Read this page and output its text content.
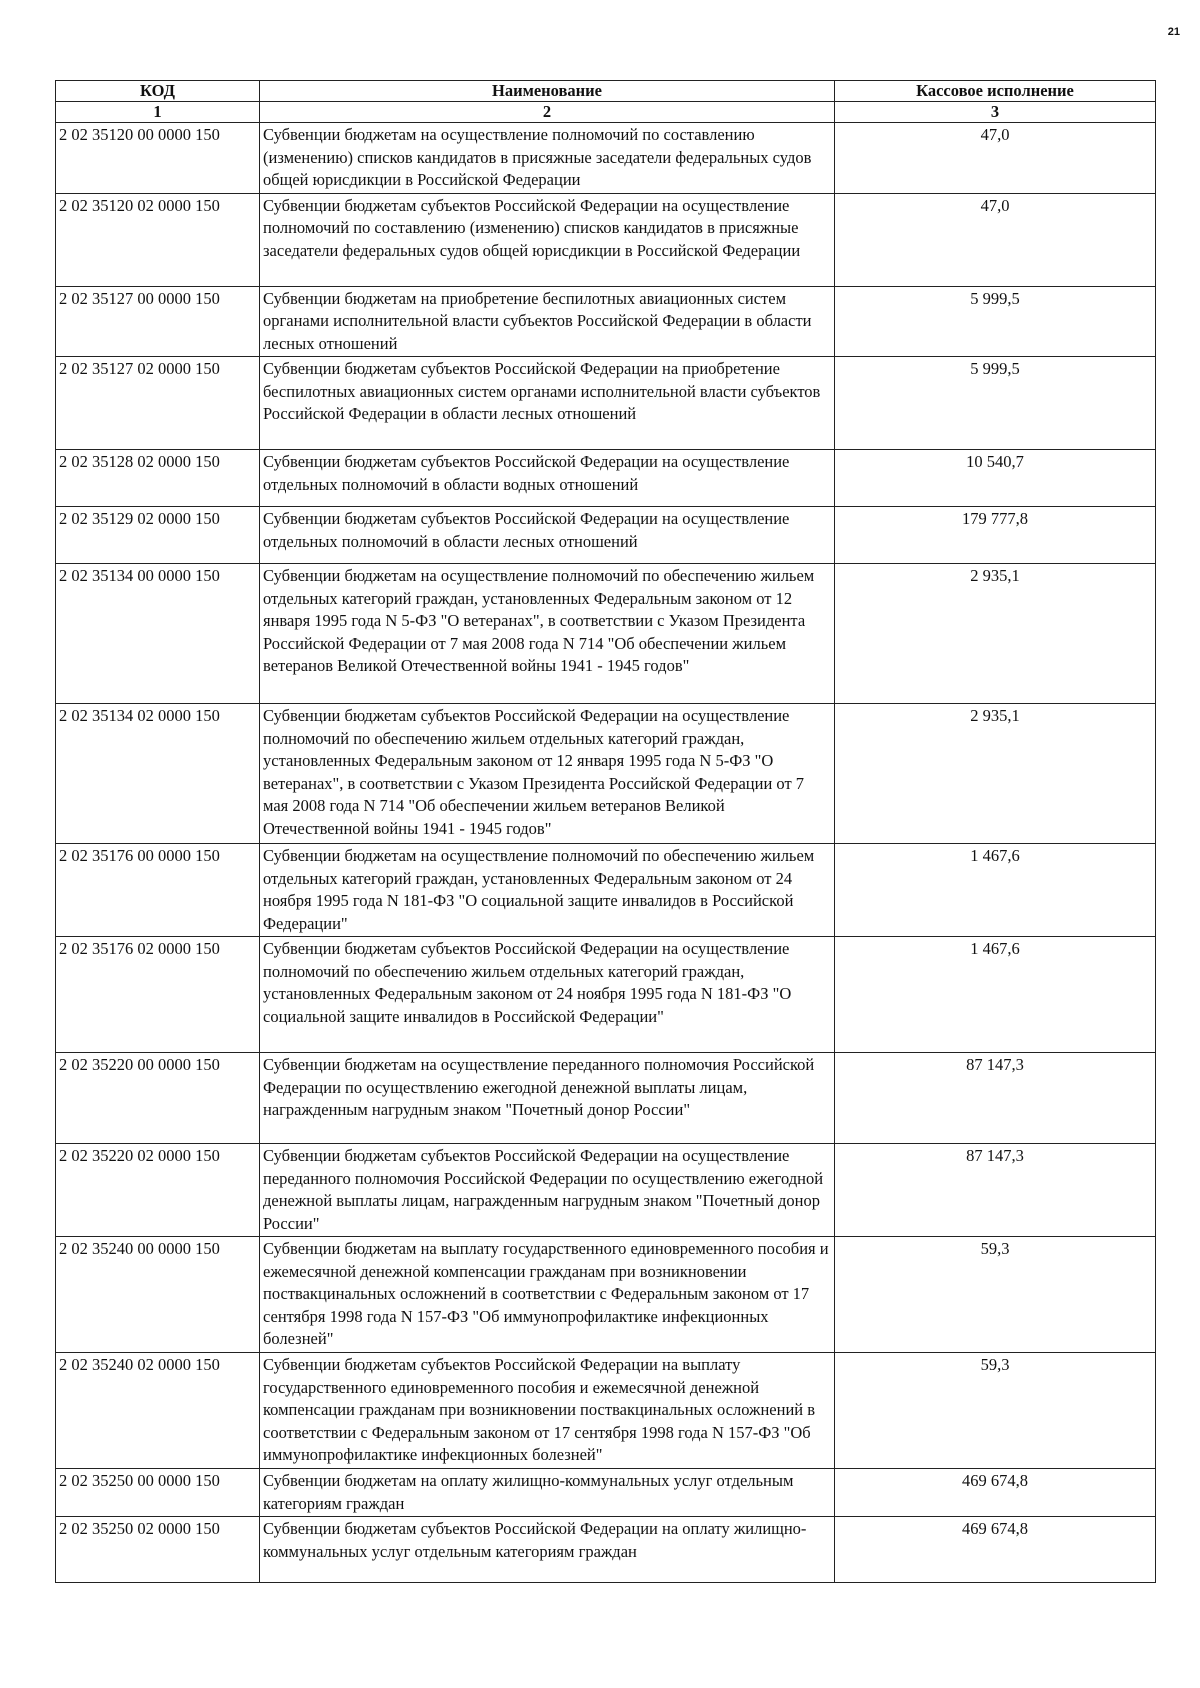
21
КОД	Наименование	Кассовое исполнение
1	2	3
2 02 35120 00 0000 150	Субвенции бюджетам на осуществление полномочий по составлению (изменению) списков кандидатов в присяжные заседатели федеральных судов общей юрисдикции в Российской Федерации	47,0
2 02 35120 02 0000 150	Субвенции бюджетам субъектов Российской Федерации на осуществление полномочий по составлению (изменению) списков кандидатов в присяжные заседатели федеральных судов общей юрисдикции в Российской Федерации	47,0
2 02 35127 00 0000 150	Субвенции бюджетам на приобретение беспилотных авиационных систем органами исполнительной власти субъектов Российской Федерации в области лесных отношений	5 999,5
2 02 35127 02 0000 150	Субвенции бюджетам субъектов Российской Федерации на приобретение беспилотных авиационных систем органами исполнительной власти субъектов Российской Федерации в области лесных отношений	5 999,5
2 02 35128 02 0000 150	Субвенции бюджетам субъектов Российской Федерации на осуществление отдельных полномочий в области водных отношений	10 540,7
2 02 35129 02 0000 150	Субвенции бюджетам субъектов Российской Федерации на осуществление отдельных полномочий в области лесных отношений	179 777,8
2 02 35134 00 0000 150	Субвенции бюджетам на осуществление полномочий по обеспечению жильем отдельных категорий граждан, установленных Федеральным законом от 12 января 1995 года N 5-ФЗ "О ветеранах", в соответствии с Указом Президента Российской Федерации от 7 мая 2008 года N 714 "Об обеспечении жильем ветеранов Великой Отечественной войны 1941 - 1945 годов"	2 935,1
2 02 35134 02 0000 150	Субвенции бюджетам субъектов Российской Федерации на осуществление полномочий по обеспечению жильем отдельных категорий граждан, установленных Федеральным законом от 12 января 1995 года N 5-ФЗ "О ветеранах", в соответствии с Указом Президента Российской Федерации от 7 мая 2008 года N 714 "Об обеспечении жильем ветеранов Великой Отечественной войны 1941 - 1945 годов"	2 935,1
2 02 35176 00 0000 150	Субвенции бюджетам на осуществление полномочий по обеспечению жильем отдельных категорий граждан, установленных Федеральным законом от 24 ноября 1995 года N 181-ФЗ "О социальной защите инвалидов в Российской Федерации"	1 467,6
2 02 35176 02 0000 150	Субвенции бюджетам субъектов Российской Федерации на осуществление полномочий по обеспечению жильем отдельных категорий граждан, установленных Федеральным законом от 24 ноября 1995 года N 181-ФЗ "О социальной защите инвалидов в Российской Федерации"	1 467,6
2 02 35220 00 0000 150	Субвенции бюджетам на осуществление переданного полномочия Российской Федерации по осуществлению ежегодной денежной выплаты лицам, награжденным нагрудным знаком "Почетный донор России"	87 147,3
2 02 35220 02 0000 150	Субвенции бюджетам субъектов Российской Федерации на осуществление переданного полномочия Российской Федерации по осуществлению ежегодной денежной выплаты лицам, награжденным нагрудным знаком "Почетный донор России"	87 147,3
2 02 35240 00 0000 150	Субвенции бюджетам на выплату государственного единовременного пособия и ежемесячной денежной компенсации гражданам при возникновении поствакцинальных осложнений в соответствии с Федеральным законом от 17 сентября 1998 года N 157-ФЗ "Об иммунопрофилактике инфекционных болезней"	59,3
2 02 35240 02 0000 150	Субвенции бюджетам субъектов Российской Федерации на выплату государственного единовременного пособия и ежемесячной денежной компенсации гражданам при возникновении поствакцинальных осложнений в соответствии с Федеральным законом от 17 сентября 1998 года N 157-ФЗ "Об иммунопрофилактике инфекционных болезней"	59,3
2 02 35250 00 0000 150	Субвенции бюджетам на оплату жилищно-коммунальных услуг отдельным категориям граждан	469 674,8
2 02 35250 02 0000 150	Субвенции бюджетам субъектов Российской Федерации на оплату жилищно-коммунальных услуг отдельным категориям граждан	469 674,8
